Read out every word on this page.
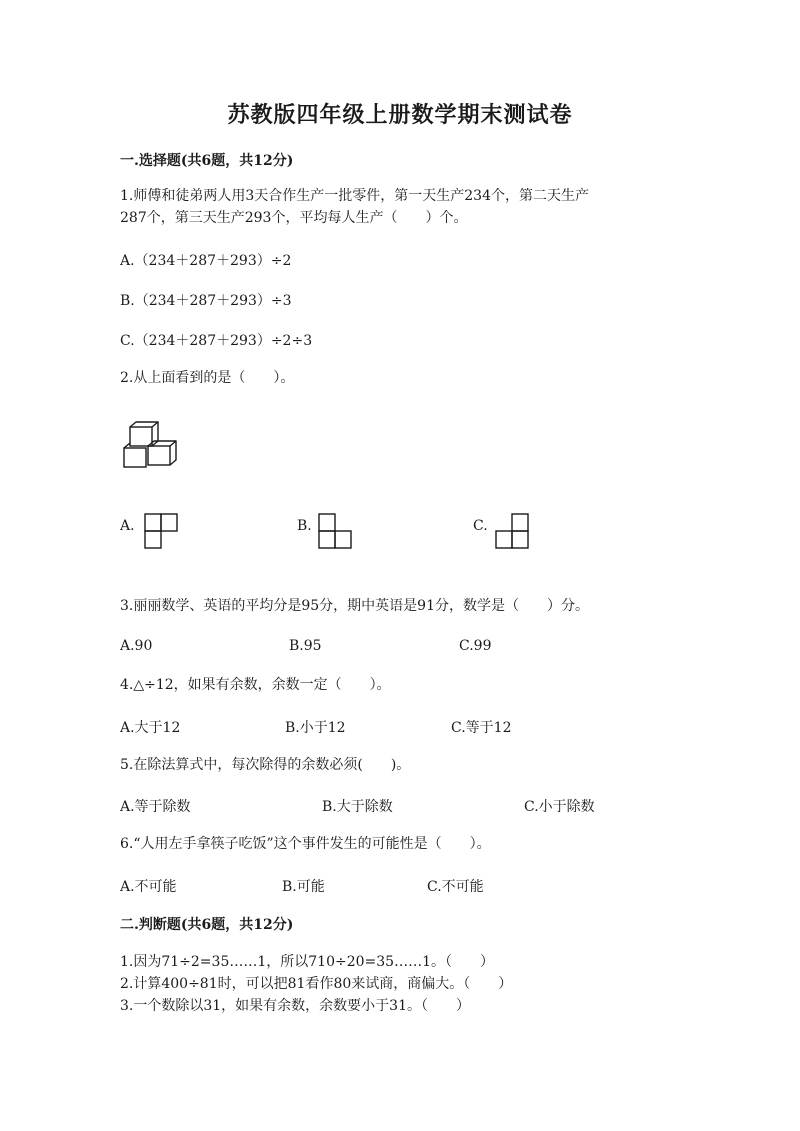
苏教版四年级上册数学期末测试卷
一.选择题(共6题，共12分)
1.师傅和徒弟两人用3天合作生产一批零件，第一天生产234个，第二天生产
287个，第三天生产293个，平均每人生产（　　）个。
A.（234＋287＋293）÷2
B.（234＋287＋293）÷3
C.（234＋287＋293）÷2÷3
2.从上面看到的是（　　）。
A.	B.	C.
3.丽丽数学、英语的平均分是95分，期中英语是91分，数学是（　　）分。
A.90	B.95	C.99
4.△÷12，如果有余数，余数一定（　　）。
A.大于12	B.小于12	C.等于12
5.在除法算式中，每次除得的余数必须(　　)。
A.等于除数	B.大于除数	C.小于除数
6.“人用左手拿筷子吃饭”这个事件发生的可能性是（　　）。
A.不可能	B.可能	C.不可能
二.判断题(共6题，共12分)
1.因为71÷2=35……1，所以710÷20=35……1。（　　）
2.计算400÷81时，可以把81看作80来试商，商偏大。（　　）
3.一个数除以31，如果有余数，余数要小于31。（　　）
